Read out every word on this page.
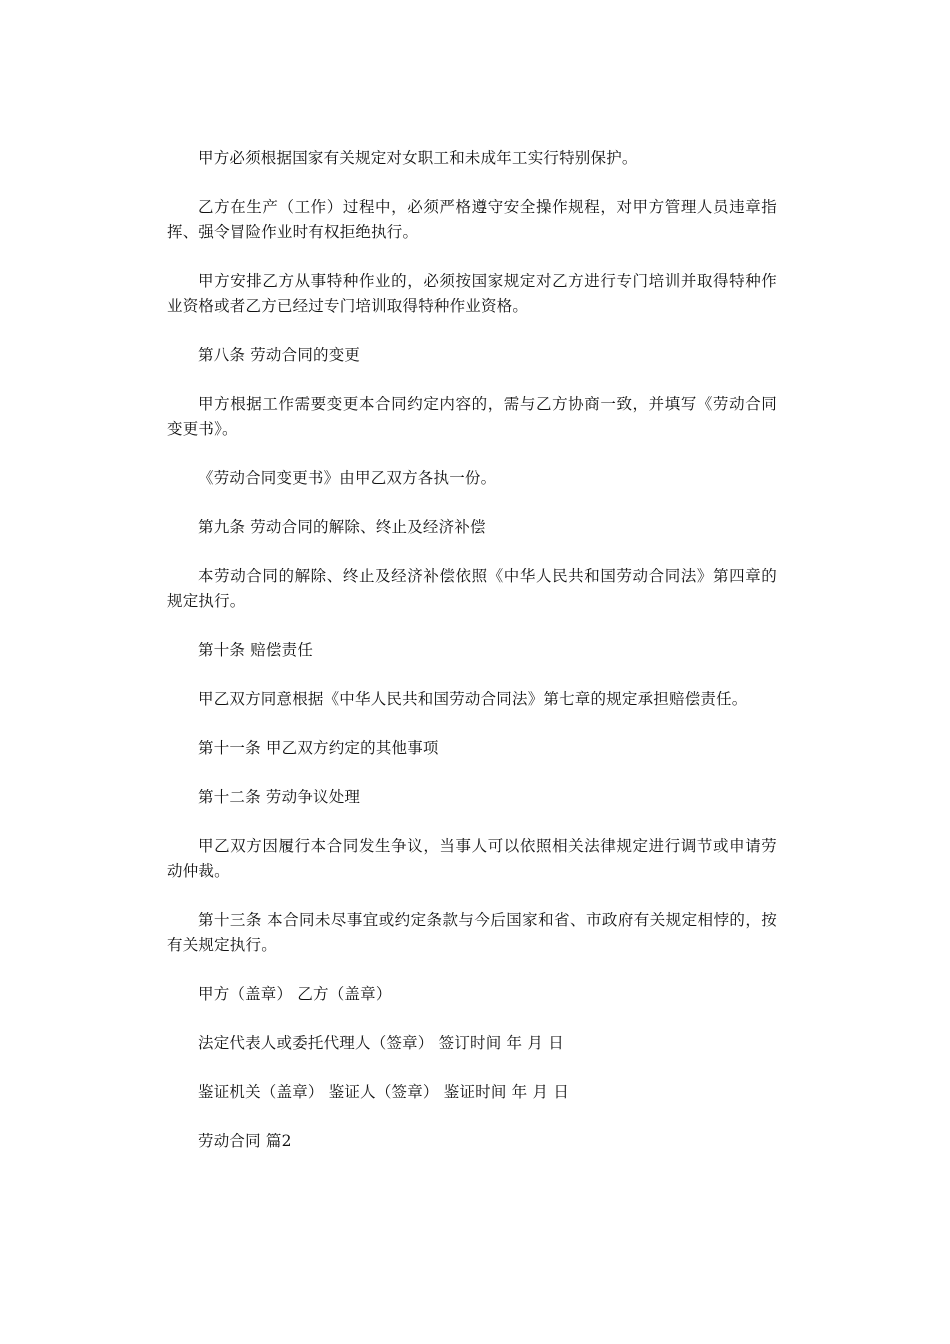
甲方必须根据国家有关规定对女职工和未成年工实行特别保护。

乙方在生产（工作）过程中，必须严格遵守安全操作规程，对甲方管理人员违章指挥、强令冒险作业时有权拒绝执行。

甲方安排乙方从事特种作业的，必须按国家规定对乙方进行专门培训并取得特种作业资格或者乙方已经过专门培训取得特种作业资格。

第八条 劳动合同的变更

甲方根据工作需要变更本合同约定内容的，需与乙方协商一致，并填写《劳动合同变更书》。

《劳动合同变更书》由甲乙双方各执一份。

第九条 劳动合同的解除、终止及经济补偿

本劳动合同的解除、终止及经济补偿依照《中华人民共和国劳动合同法》第四章的规定执行。

第十条 赔偿责任

甲乙双方同意根据《中华人民共和国劳动合同法》第七章的规定承担赔偿责任。

第十一条 甲乙双方约定的其他事项

第十二条 劳动争议处理

甲乙双方因履行本合同发生争议，当事人可以依照相关法律规定进行调节或申请劳动仲裁。

第十三条 本合同未尽事宜或约定条款与今后国家和省、市政府有关规定相悖的，按有关规定执行。

甲方（盖章） 乙方（盖章）

法定代表人或委托代理人（签章） 签订时间 年 月 日

鉴证机关（盖章） 鉴证人（签章） 鉴证时间 年 月 日

劳动合同 篇2
